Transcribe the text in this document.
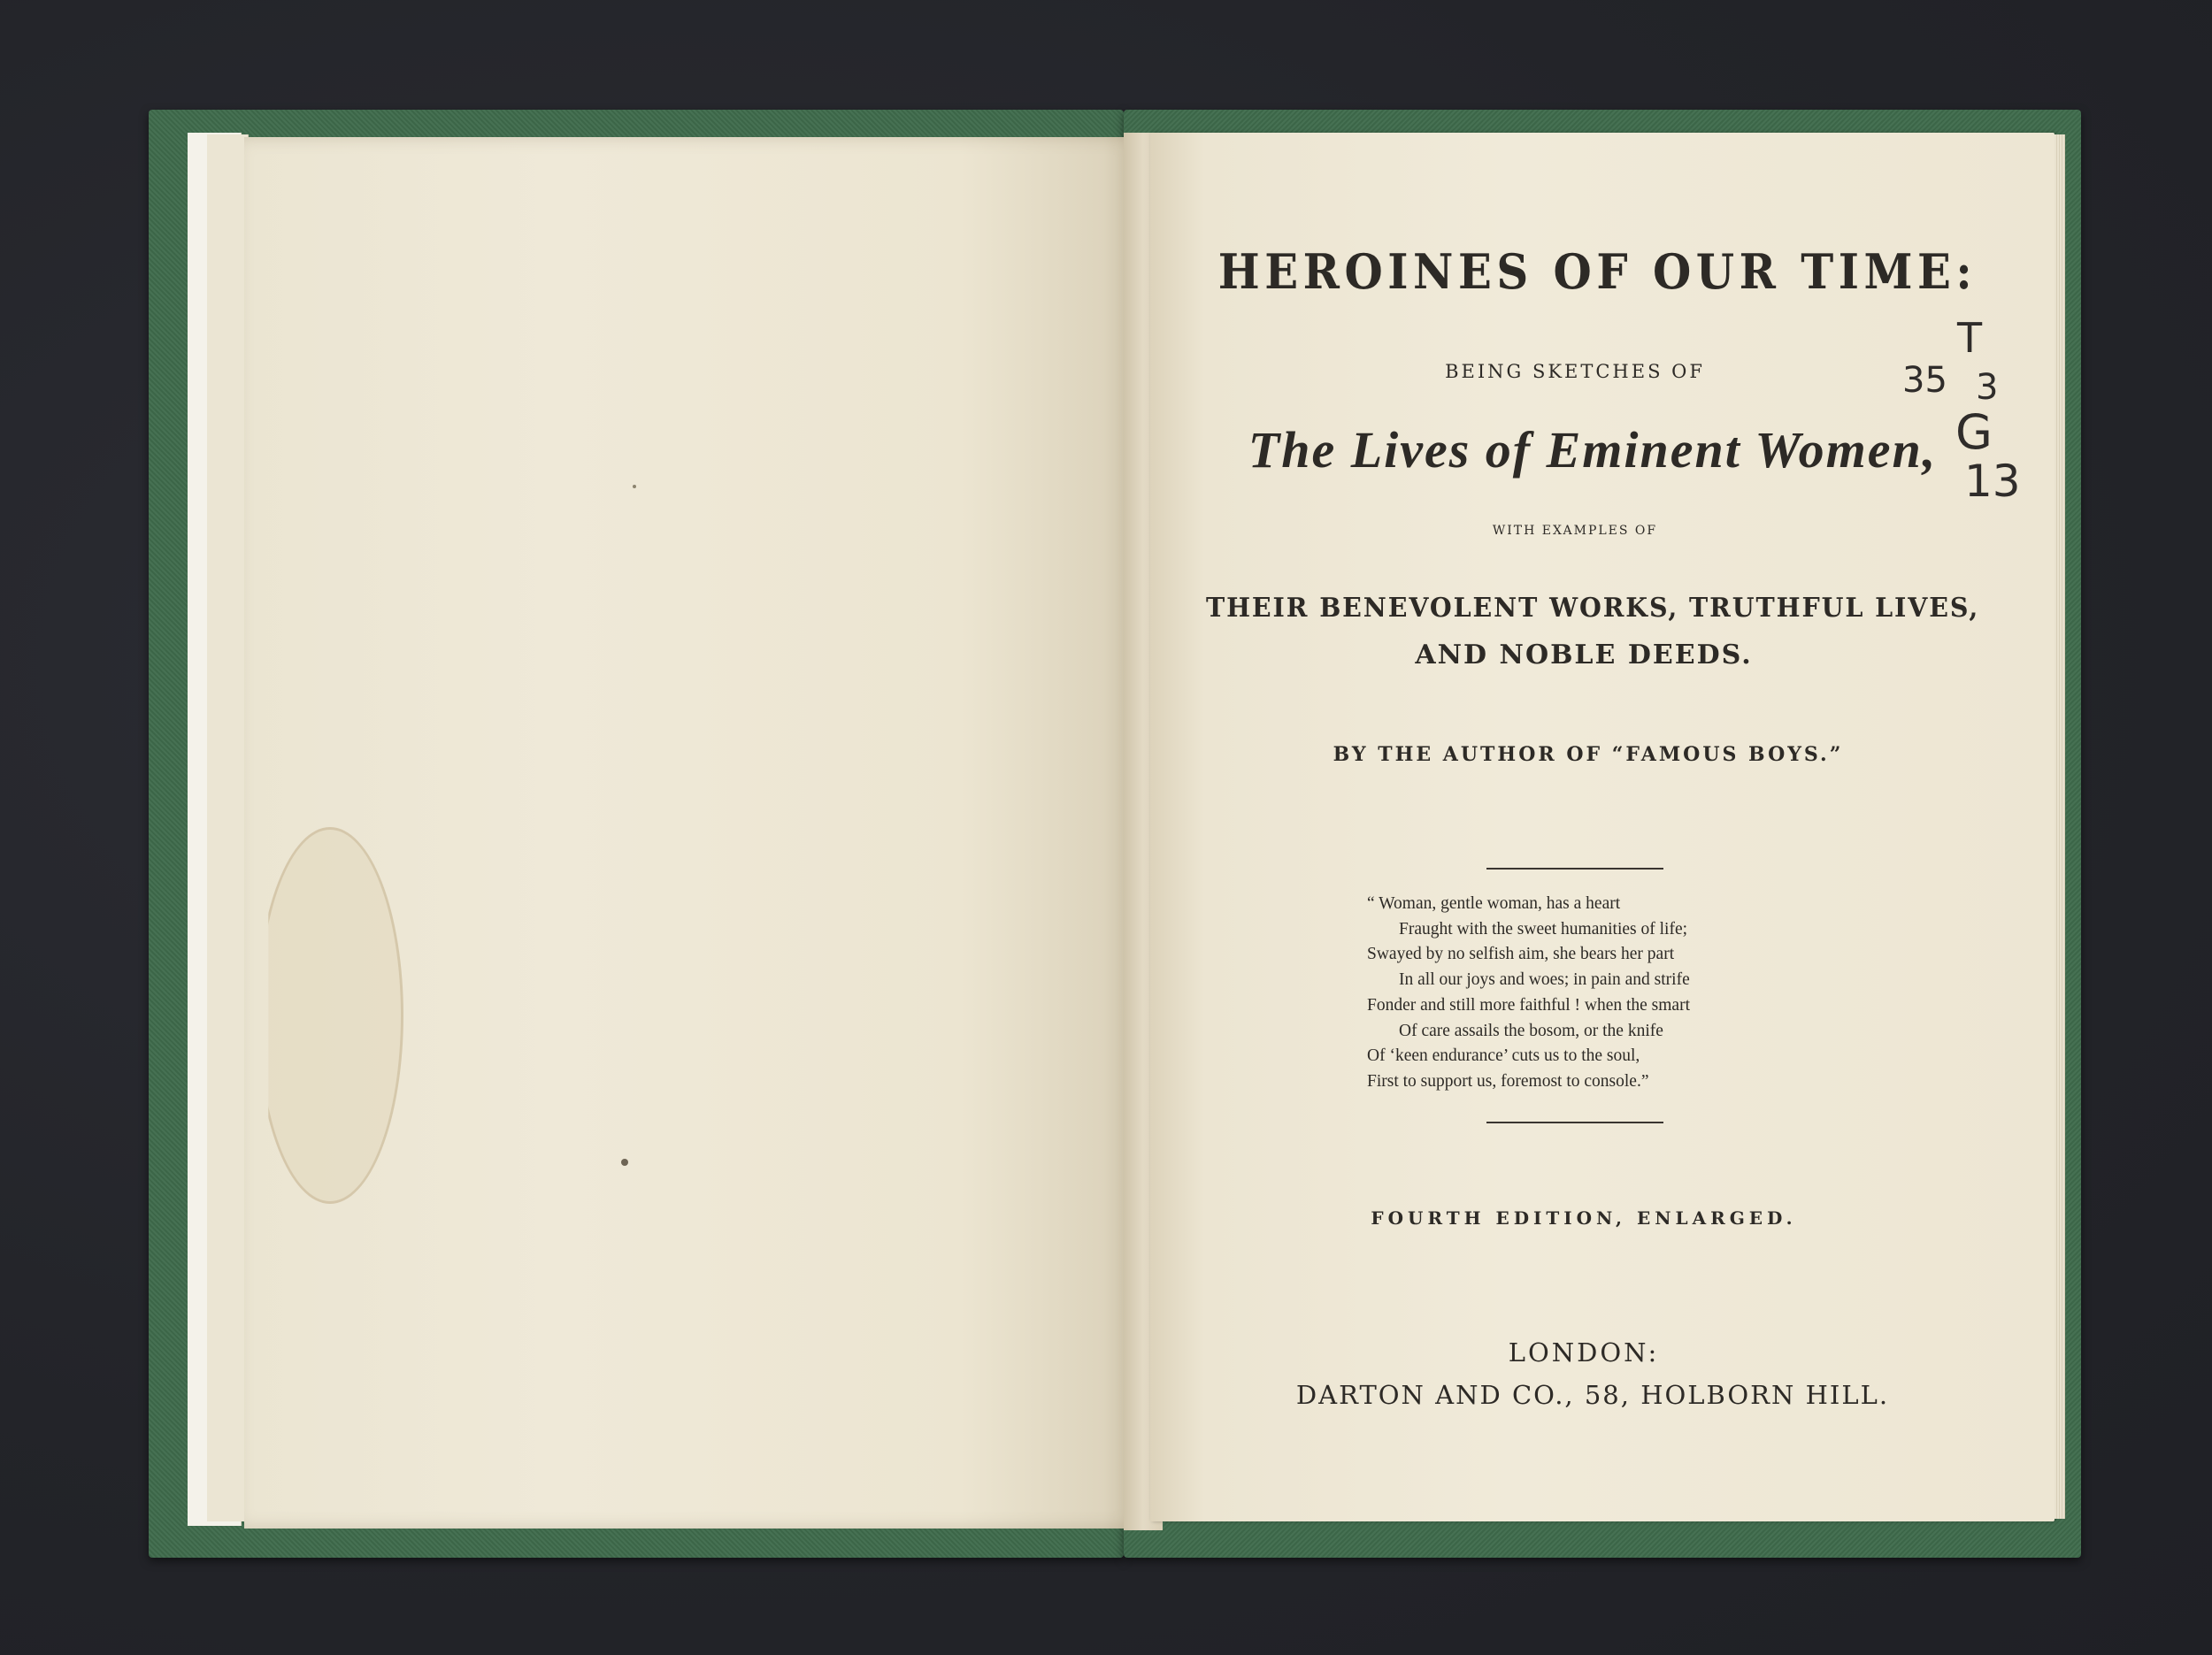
HEROINES OF OUR TIME:
BEING SKETCHES OF
The Lives of Eminent Women,
WITH EXAMPLES OF
THEIR BENEVOLENT WORKS, TRUTHFUL LIVES,
AND NOBLE DEEDS.
BY THE AUTHOR OF “FAMOUS BOYS.”
“ Woman, gentle woman, has a heart
Fraught with the sweet humanities of life;
Swayed by no selfish aim, she bears her part
In all our joys and woes; in pain and strife
Fonder and still more faithful ! when the smart
Of care assails the bosom, or the knife
Of ‘keen endurance’ cuts us to the soul,
First to support us, foremost to console.”
FOURTH EDITION, ENLARGED.
LONDON:
DARTON AND CO., 58, HOLBORN HILL.
T
35 3
G
13
